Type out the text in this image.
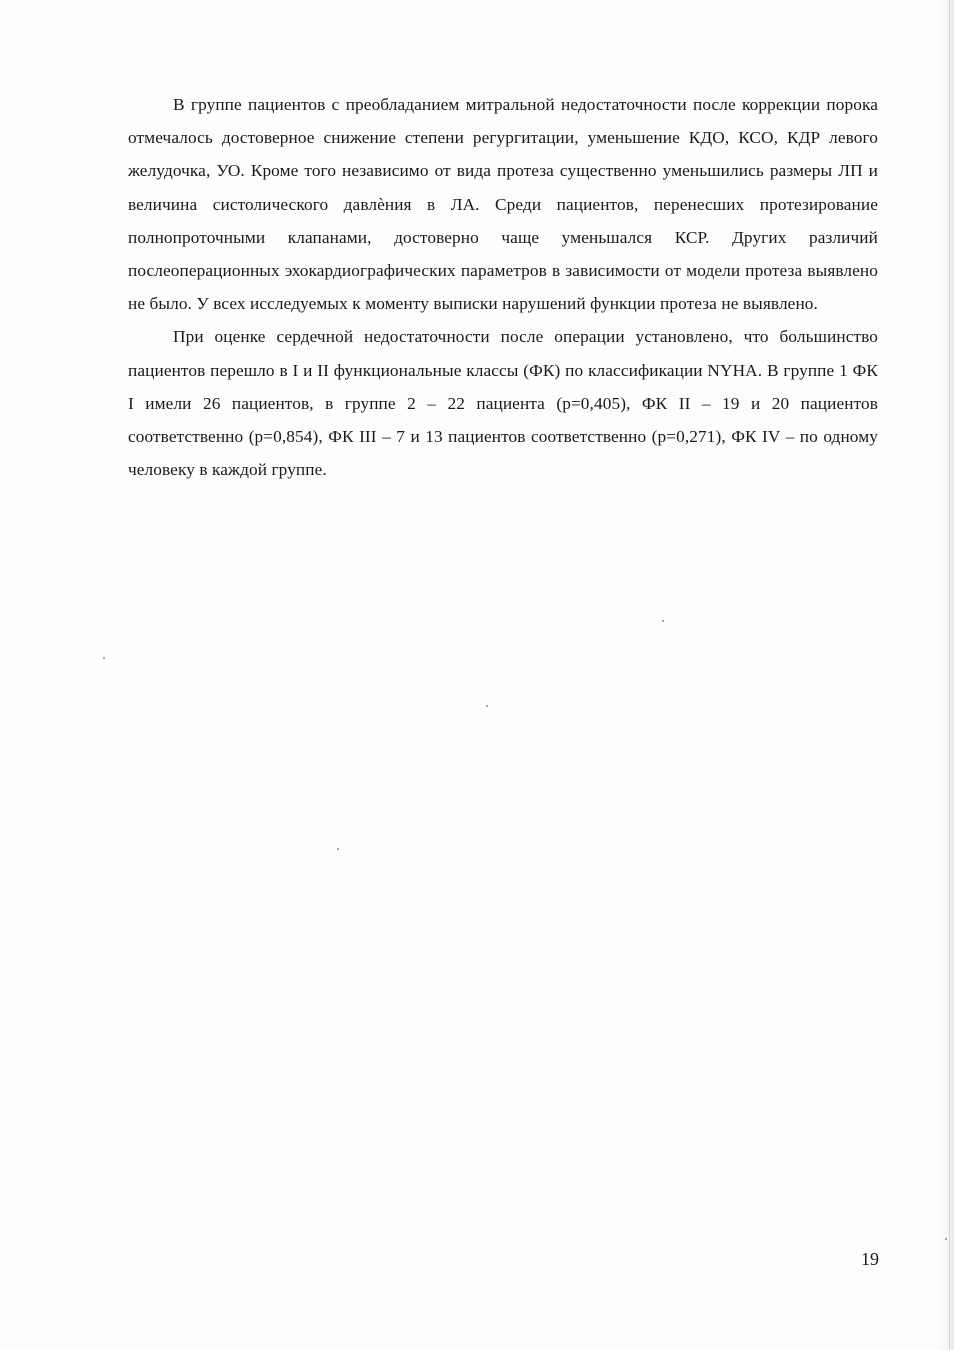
В группе пациентов с преобладанием митральной недостаточности после коррекции порока отмечалось достоверное снижение степени регургитации, уменьшение КДО, КСО, КДР левого желудочка, УО. Кроме того независимо от вида протеза существенно уменьшились размеры ЛП и величина систолического давлѐния в ЛА. Среди пациентов, перенесших протезирование полнопроточными клапанами, достоверно чаще уменьшался КСР. Других различий послеоперационных эхокардиографических параметров в зависимости от модели протеза выявлено не было. У всех исследуемых к моменту выписки нарушений функции протеза не выявлено.

При оценке сердечной недостаточности после операции установлено, что большинство пациентов перешло в I и II функциональные классы (ФК) по классификации NYHA. В группе 1 ФК I имели 26 пациентов, в группе 2 – 22 пациента (р=0,405), ФК II – 19 и 20 пациентов соответственно (р=0,854), ФК III – 7 и 13 пациентов соответственно (р=0,271), ФК IV – по одному человеку в каждой группе.

19
